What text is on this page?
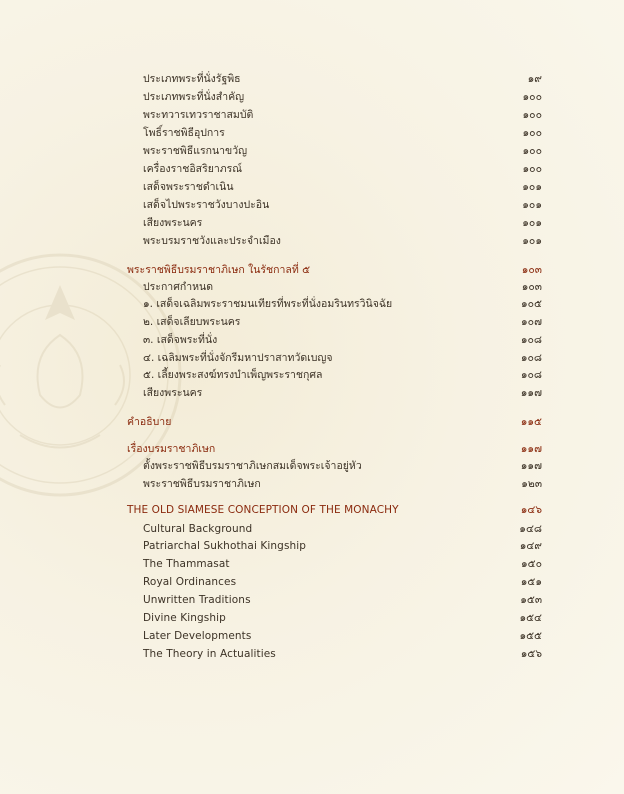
ประเภทพระที่นั่งรัฐพิธ	๑๙
ประเภทพระที่นั่งสำคัญ	๑๐๐
พระทวารเทวราชาสมบัติ	๑๐๐
โพธิ์ราชพิธีอุปการ	๑๐๐
พระราชพิธีแรกนาขวัญ	๑๐๐
เครื่องราชอิสริยาภรณ์	๑๐๐
เสด็จพระราชดำเนิน	๑๐๑
เสด็จไปพระราชวังบางปะอิน	๑๐๑
เสียงพระนคร	๑๐๑
พระบรมราชวังและประจำเมือง	๑๐๑
พระราชพิธีบรมราชาภิเษก ในรัชกาลที่ ๕	๑๐๓
ประกาศกำหนด	๑๐๓
๑. เสด็จเฉลิมพระราชมนเทียรที่พระที่นั่งอมรินทรวินิจฉัย	๑๐๕
๒. เสด็จเลียบพระนคร	๑๐๗
๓. เสด็จพระที่นั่ง	๑๐๘
๔. เฉลิมพระที่นั่งจักรีมหาปราสาทวัดเบญจ	๑๐๘
๕. เลี้ยงพระสงฆ์ทรงบำเพ็ญพระราชกุศล	๑๐๘
เสียงพระนคร	๑๑๗
คำอธิบาย	๑๑๕
เรื่องบรมราชาภิเษก	๑๑๗
ตั้งพระราชพิธีบรมราชาภิเษกสมเด็จพระเจ้าอยู่หัว	๑๑๗
พระราชพิธีบรมราชาภิเษก	๑๒๓
THE OLD SIAMESE CONCEPTION OF THE MONACHY	๑๔๖
Cultural Background	๑๔๘
Patriarchal Sukhothai Kingship	๑๔๙
The Thammasat	๑๕๐
Royal Ordinances	๑๕๑
Unwritten Traditions	๑๕๓
Divine Kingship	๑๕๔
Later Developments	๑๕๕
The Theory in Actualities	๑๕๖
